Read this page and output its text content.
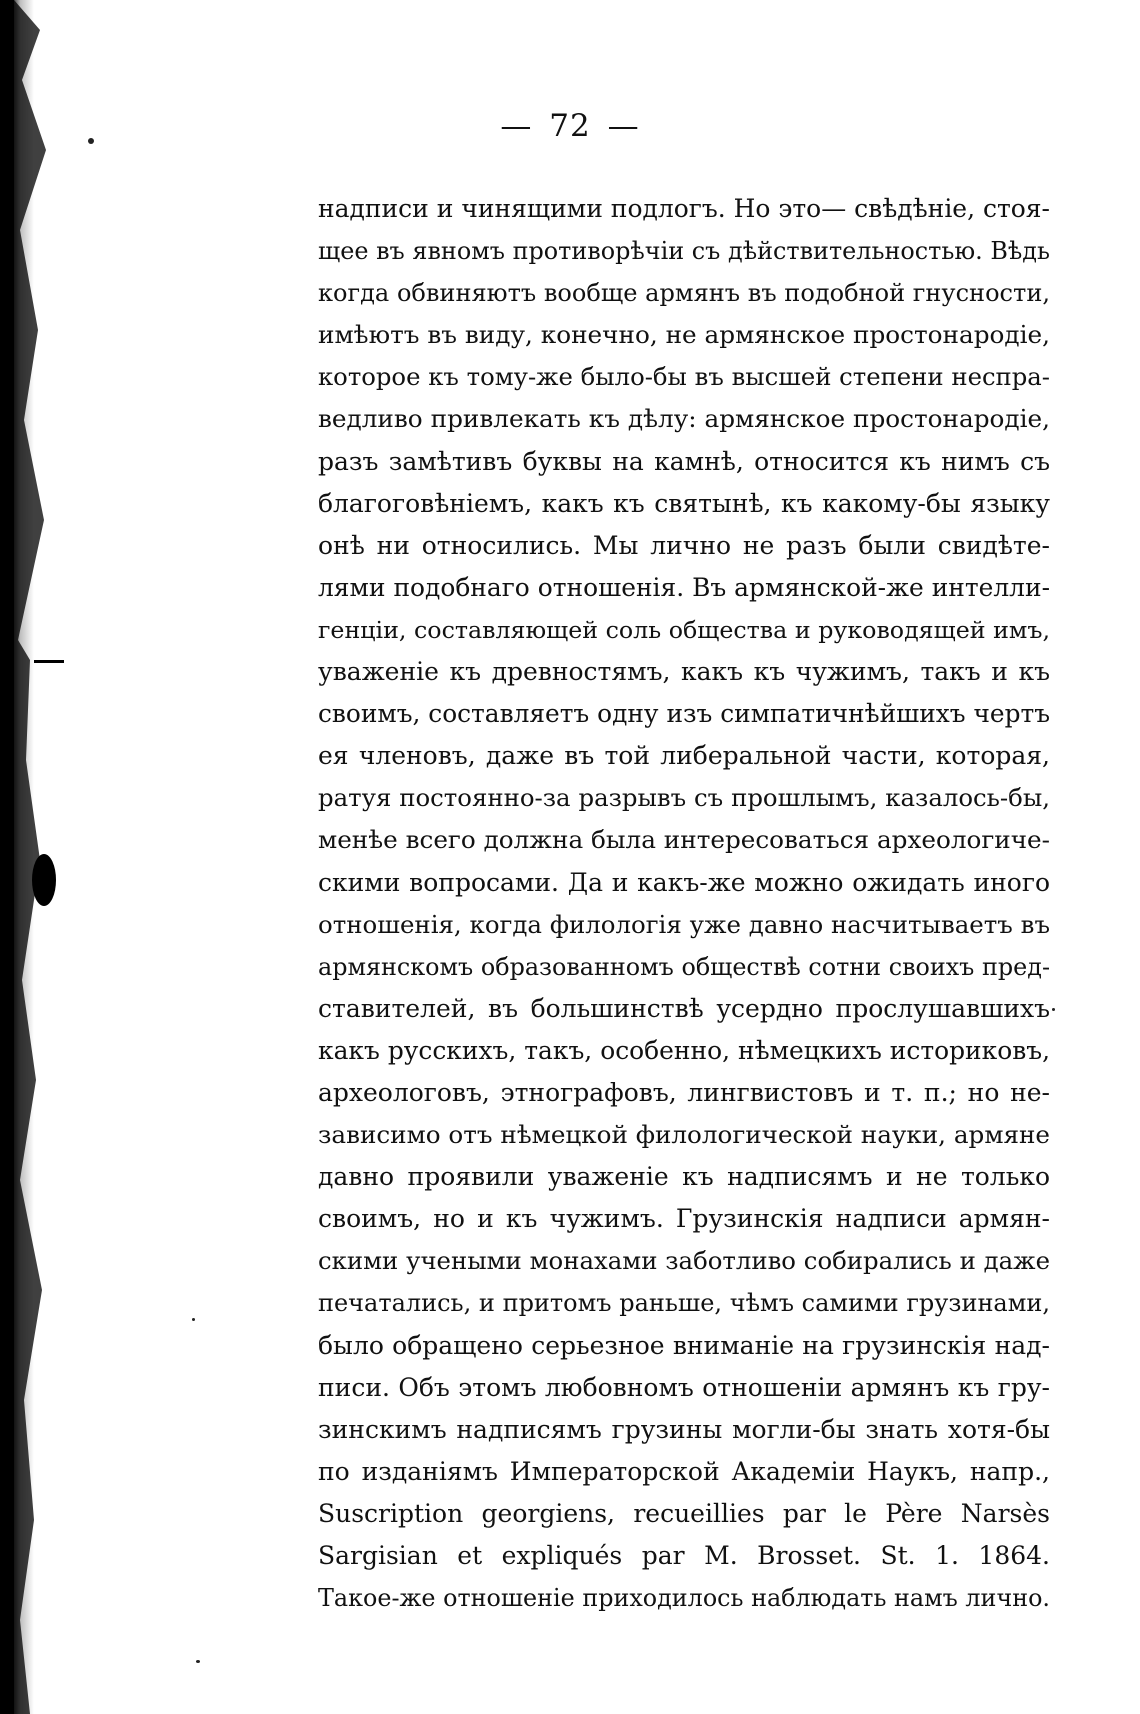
— 72 —
надписи и чинящими подлогъ. Но это— свѣдѣніе, стоя-
щее въ явномъ противорѣчіи съ дѣйствительностью. Вѣдь
когда обвиняютъ вообще армянъ въ подобной гнусности,
имѣютъ въ виду, конечно, не армянское простонародіе,
которое къ тому-же было-бы въ высшей степени неспра-
ведливо привлекать къ дѣлу: армянское простонародіе,
разъ замѣтивъ буквы на камнѣ, относится къ нимъ съ
благоговѣніемъ, какъ къ святынѣ, къ какому-бы языку
онѣ ни относились. Мы лично не разъ были свидѣте-
лями подобнаго отношенія. Въ армянской-же интелли-
генціи, составляющей соль общества и руководящей имъ,
уваженіе къ древностямъ, какъ къ чужимъ, такъ и къ
своимъ, составляетъ одну изъ симпатичнѣйшихъ чертъ
ея членовъ, даже въ той либеральной части, которая,
ратуя постоянно-за разрывъ съ прошлымъ, казалось-бы,
менѣе всего должна была интересоваться археологиче-
скими вопросами. Да и какъ-же можно ожидать иного
отношенія, когда филологія уже давно насчитываетъ въ
армянскомъ образованномъ обществѣ сотни своихъ пред-
ставителей, въ большинствѣ усердно прослушавшихъ
какъ русскихъ, такъ, особенно, нѣмецкихъ историковъ,
археологовъ, этнографовъ, лингвистовъ и т. п.; но не-
зависимо отъ нѣмецкой филологической науки, армяне
давно проявили уваженіе къ надписямъ и не только
своимъ, но и къ чужимъ. Грузинскія надписи армян-
скими учеными монахами заботливо собирались и даже
печатались, и притомъ раньше, чѣмъ самими грузинами,
было обращено серьезное вниманіе на грузинскія над-
писи. Объ этомъ любовномъ отношеніи армянъ къ гру-
зинскимъ надписямъ грузины могли-бы знать хотя-бы
по изданіямъ Императорской Академіи Наукъ, напр.,
Suscription georgiens, recueillies par le Père Narsès
Sargisian et expliqués par M. Brosset. St. 1. 1864.
Такое-же отношеніе приходилось наблюдать намъ лично.
